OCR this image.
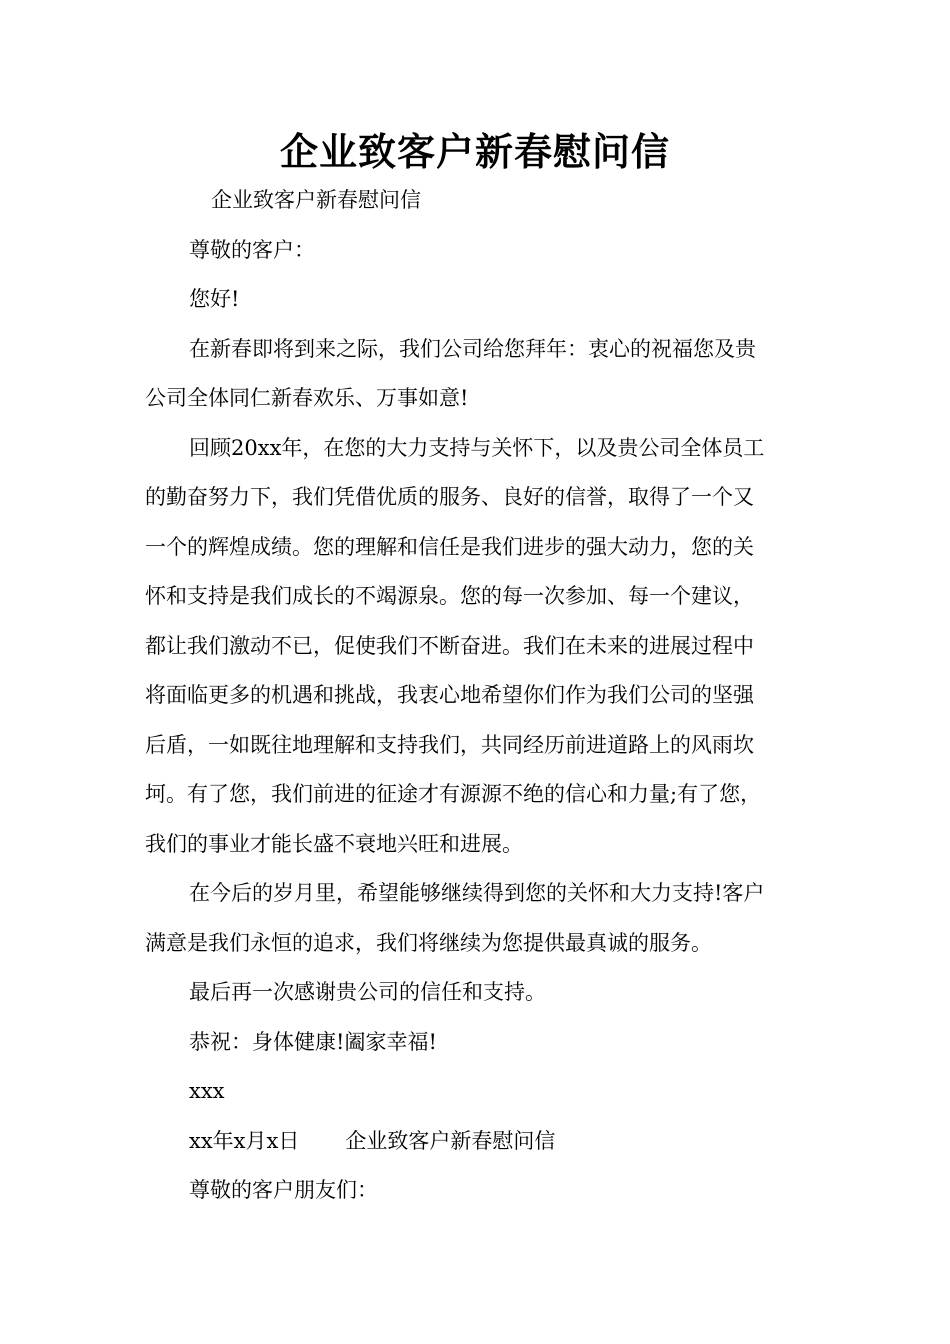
企业致客户新春慰问信
企业致客户新春慰问信
尊敬的客户：
您好!
在新春即将到来之际，我们公司给您拜年：衷心的祝福您及贵
公司全体同仁新春欢乐、万事如意!
回顾20xx年，在您的大力支持与关怀下，以及贵公司全体员工
的勤奋努力下，我们凭借优质的服务、良好的信誉，取得了一个又
一个的辉煌成绩。您的理解和信任是我们进步的强大动力，您的关
怀和支持是我们成长的不竭源泉。您的每一次参加、每一个建议，
都让我们激动不已，促使我们不断奋进。我们在未来的进展过程中
将面临更多的机遇和挑战，我衷心地希望你们作为我们公司的坚强
后盾，一如既往地理解和支持我们，共同经历前进道路上的风雨坎
坷。有了您，我们前进的征途才有源源不绝的信心和力量;有了您，
我们的事业才能长盛不衰地兴旺和进展。
在今后的岁月里，希望能够继续得到您的关怀和大力支持!客户
满意是我们永恒的追求，我们将继续为您提供最真诚的服务。
最后再一次感谢贵公司的信任和支持。
恭祝：身体健康!阖家幸福!
xxx
xx年x月x日 企业致客户新春慰问信
尊敬的客户朋友们：
